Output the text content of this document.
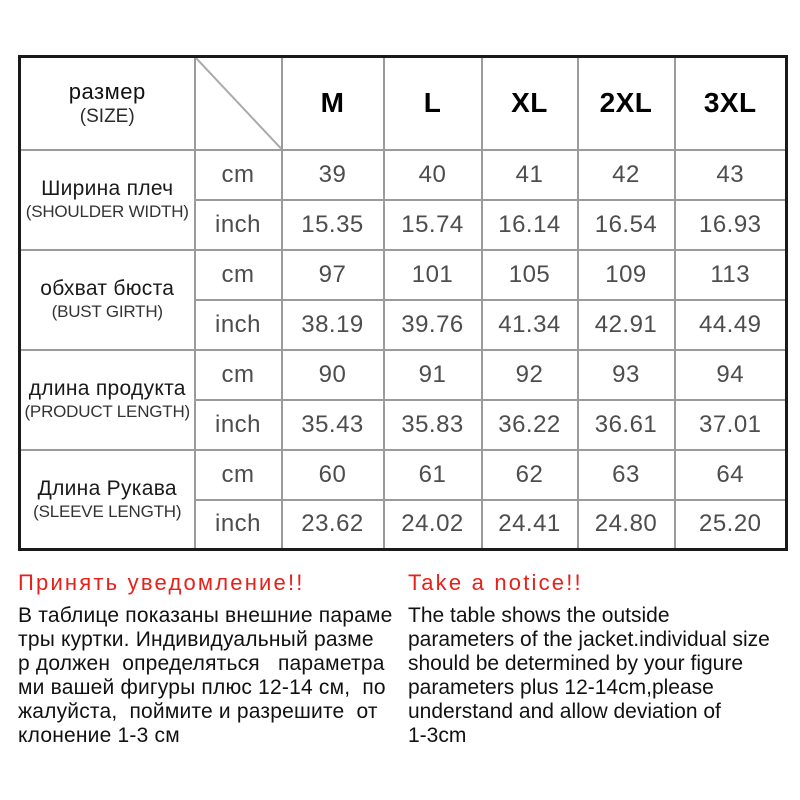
размер
(SIZE)		M	L	XL	2XL	3XL

Ширина плеч
(SHOULDER WIDTH)	cm	39	40	41	42	43
	inch	15.35	15.74	16.14	16.54	16.93

обхват бюста
(BUST GIRTH)	cm	97	101	105	109	113
	inch	38.19	39.76	41.34	42.91	44.49

длина продукта
(PRODUCT LENGTH)	cm	90	91	92	93	94
	inch	35.43	35.83	36.22	36.61	37.01

Длина Рукава
(SLEEVE LENGTH)	cm	60	61	62	63	64
	inch	23.62	24.02	24.41	24.80	25.20
Принять уведомление!!
В таблице показаны внешние параме
тры куртки. Индивидуальный разме
р должен  определяться   параметра
ми вашей фигуры плюс 12-14 см,  по
жалуйста,  поймите и разрешите  от
клонение 1-3 см
Take a notice!!
The table shows the outside
parameters of the jacket.individual size
should be determined by your figure
parameters plus 12-14cm,please
understand and allow deviation of
1-3cm
